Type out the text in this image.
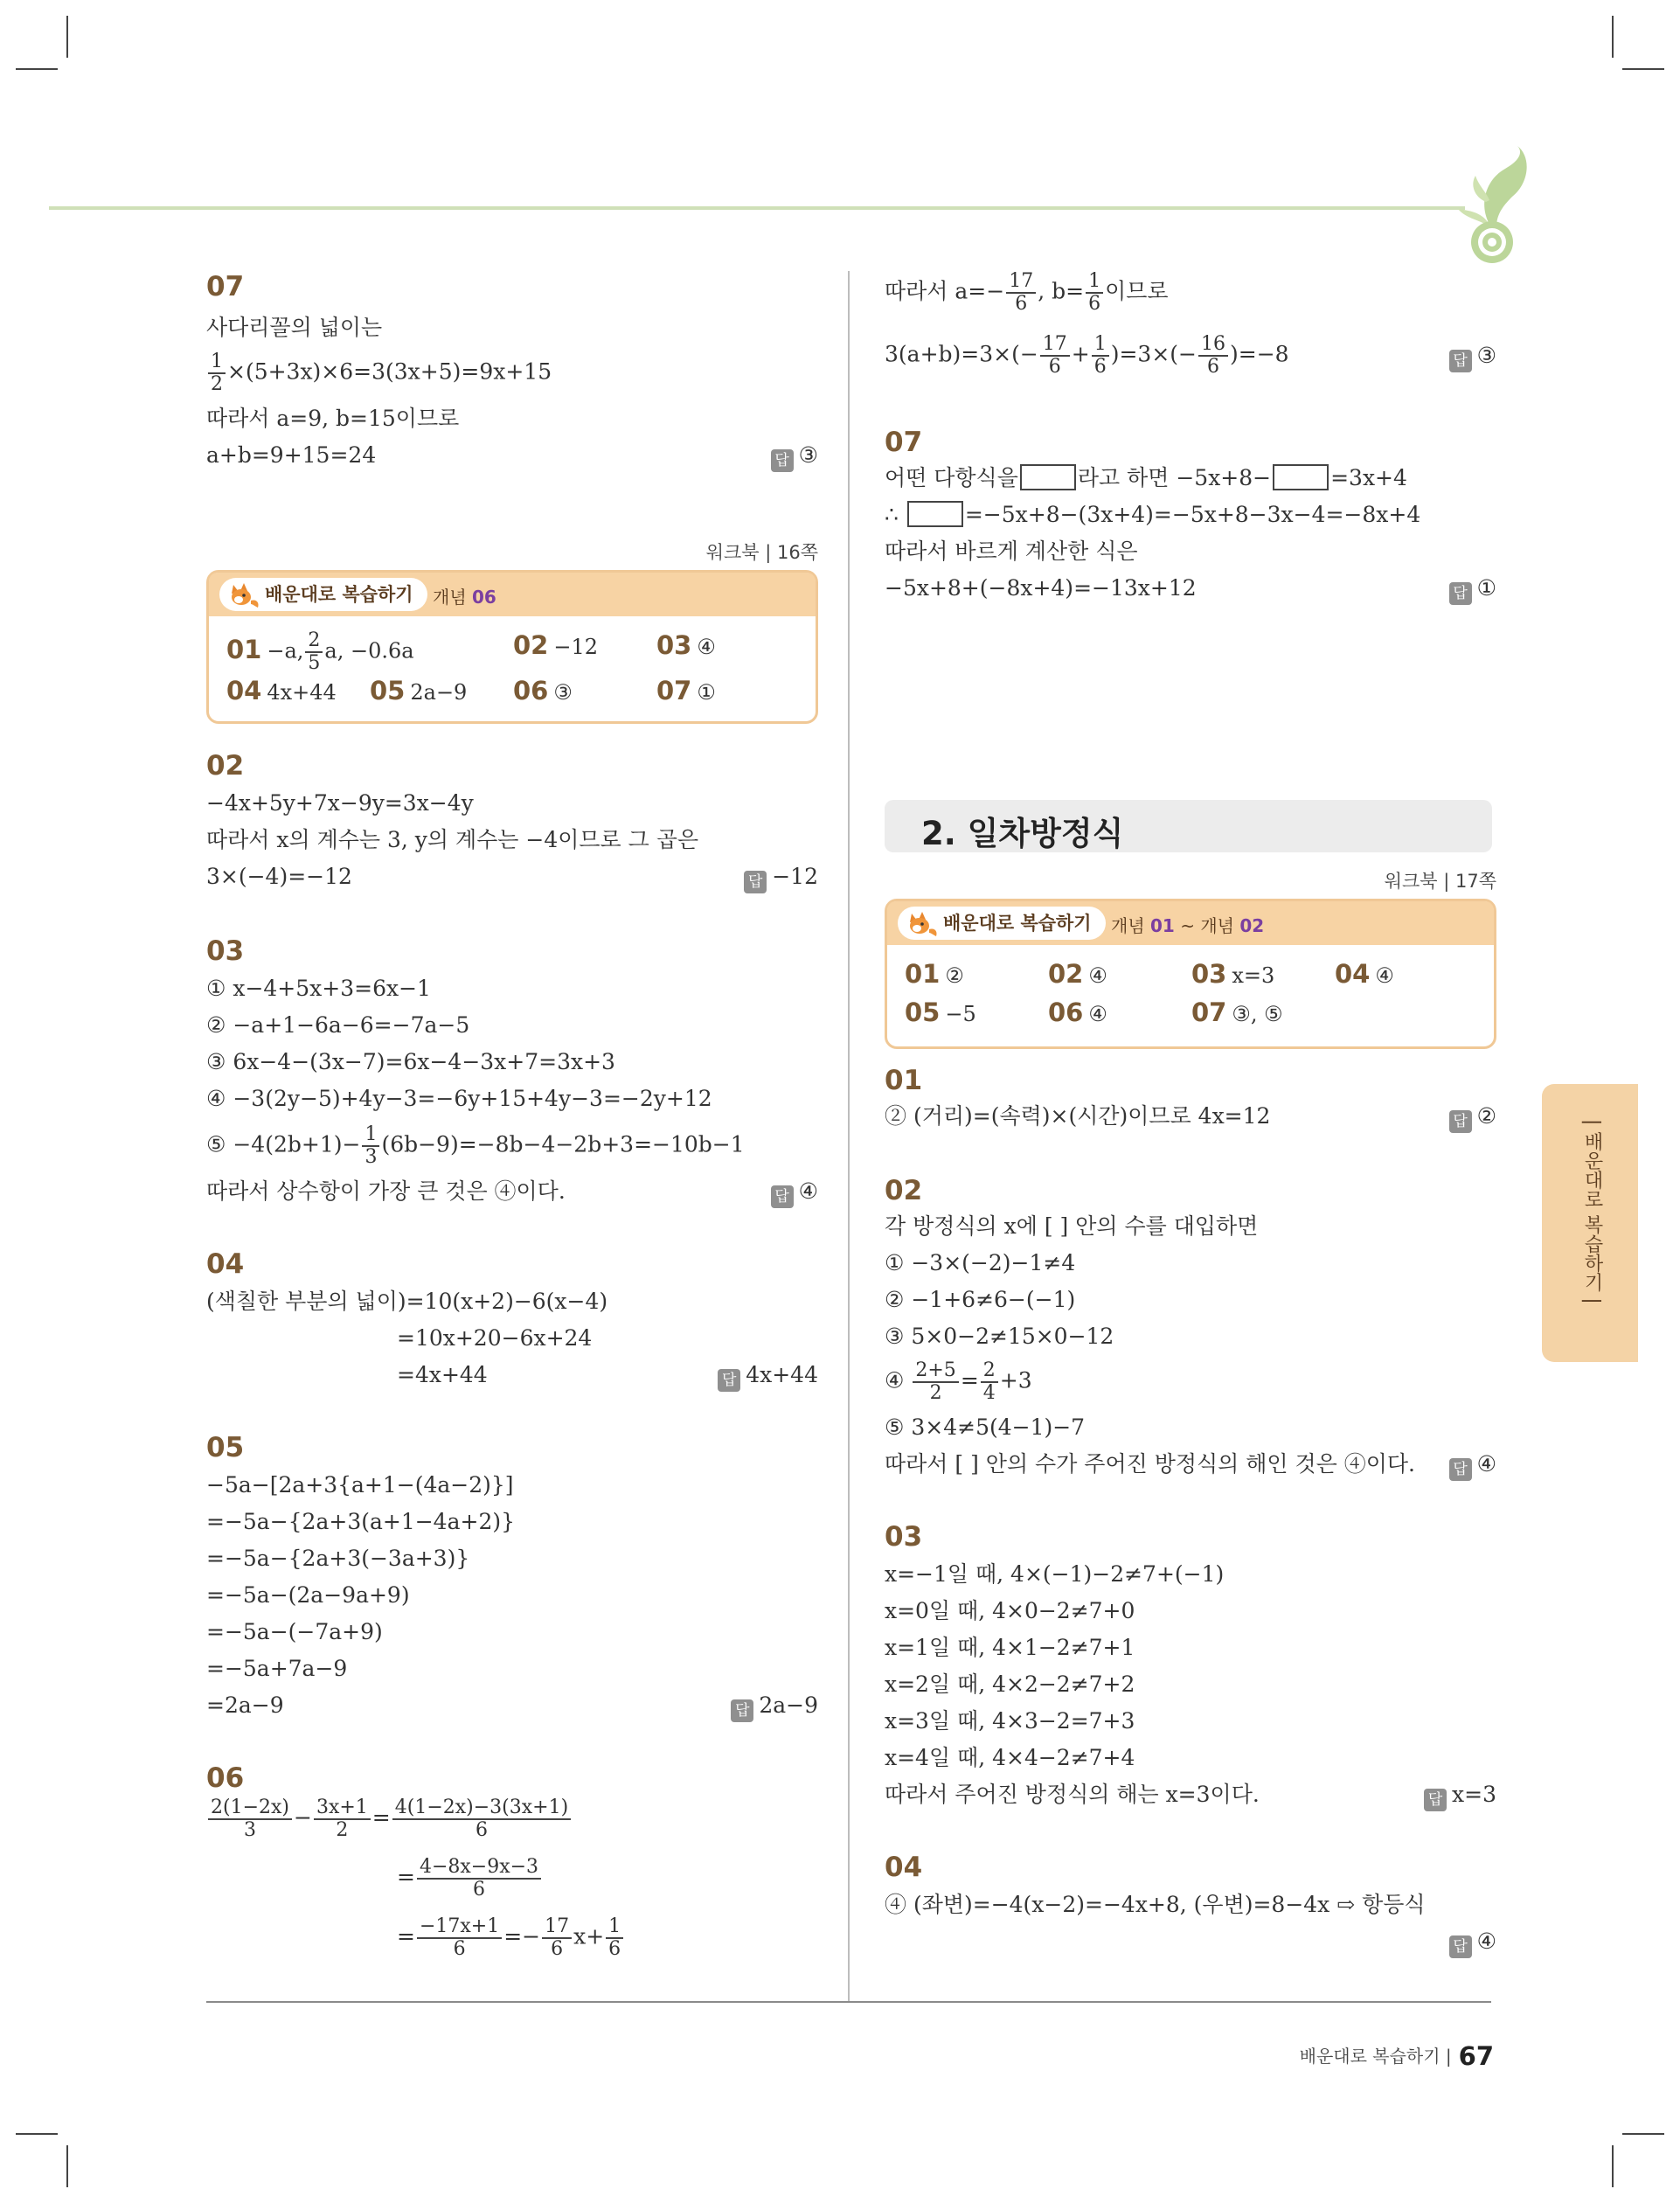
07
사다리꼴의 넓이는
$\frac{1}{2} \times(5+3x)\times 6=3(3x+5)=9x+15$
따라서 a=9, b=15이므로
a+b=9+15=24	답 ③
워크북 | 16쪽
배운대로 복습하기	개념 06
01 −a, $\frac{2}{5} a$, −0.6a	02 −12 03 ④
04 4x+44 05 2a−9 06 ③	07 ①
02
−4x+5y+7x−9y=3x−4y
따라서 x의 계수는 3, y의 계수는 −4이므로 그 곱은
3×(−4)=−12	답 −12
03
① x−4+5x+3=6x−1
② −a+1−6a−6=−7a−5
③ 6x−4−(3x−7)=6x−4−3x+7=3x+3
④ −3(2y−5)+4y−3=−6y+15+4y−3=−2y+12
⑤ $-4(2b+1)- \frac{1}{3} (6b-9)=-8b-4-2b+3=-10b-1$
따라서 상수항이 가장 큰 것은 ④이다.	답 ④
04
(색칠한 부분의 넓이)=10(x+2)−6(x−4)
=10x+20−6x+24
=4x+44	답 4x+44
05
−5a−[2a+3{a+1−(4a−2)}]
=−5a−{2a+3(a+1−4a+2)}
=−5a−{2a+3(−3a+3)}
=−5a−(2a−9a+9)
=−5a−(−7a+9)
=−5a+7a−9
=2a−9	답 2a−9
06
$\frac{2(1-2x)}{3} - \frac{3x+1}{2} = \frac{4(1-2x)-3(3x+1)}{6}$
= $\frac{4-8x-9x-3}{6}$
= $\frac{-17x+1}{6} =- \frac{17}{6} x+ \frac{1}{6}$
따라서 $a=- \frac{17}{6}$ , $b= \frac{1}{6}$ 이므로
$3(a+b)=3\times(- \frac{17}{6} + \frac{1}{6} )=3\times(- \frac{16}{6} )=-8$	답 ③
07
어떤 다항식을	라고 하면 −5x+8−	=3x+4
∴	=−5x+8−(3x+4)=−5x+8−3x−4=−8x+4
따라서 바르게 계산한 식은
−5x+8+(−8x+4)=−13x+12	답 ①
2. 일차방정식
워크북 | 17쪽
배운대로 복습하기	개념 01 ~ 개념 02
01 ②	02 ④	03 x=3 04 ④
05 −5	06 ④	07 ③, ⑤
01
② (거리)=(속력)×(시간)이므로 4x=12	답 ②
02
각 방정식의 x에 [ ] 안의 수를 대입하면
① −3×(−2)−1≠4
② −1+6≠6−(−1)
③ 5×0−2≠15×0−12
④ $\frac{2+5}{2} = \frac{2}{4} +3$
⑤ 3×4≠5(4−1)−7
따라서 [ ] 안의 수가 주어진 방정식의 해인 것은 ④이다.	답 ④
03
x=−1일 때, 4×(−1)−2≠7+(−1)
x=0일 때, 4×0−2≠7+0
x=1일 때, 4×1−2≠7+1
x=2일 때, 4×2−2≠7+2
x=3일 때, 4×3−2=7+3
x=4일 때, 4×4−2≠7+4
따라서 주어진 방정식의 해는 x=3이다.	답 x=3
04
④ (좌변)=−4(x−2)=−4x+8, (우변)=8−4x ⇨ 항등식
답 ④
| 배운대로 복습하기 |
배운대로 복습하기 | 67
